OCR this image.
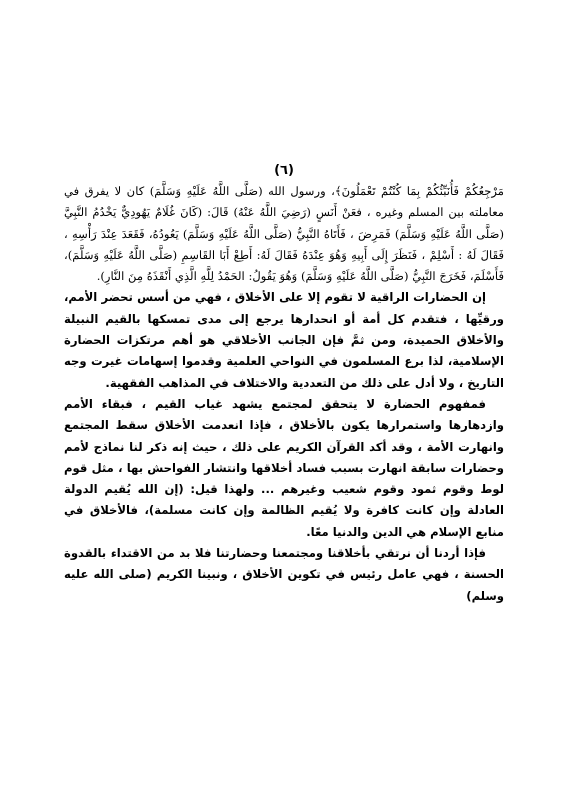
(٦)

مَرْجِعُكُمْ فَأُنَبِّئُكُمْ بِمَا كُنْتُمْ تَعْمَلُونَ﴾، ورسول الله (صَلَّى اللَّهُ عَلَيْهِ وَسَلَّمَ) كان لا يفرق في معاملته بين المسلم وغيره ، فعَنْ أَنَسٍ (رَضِيَ اللَّهُ عَنْهُ) قَالَ: (كَانَ غُلَامٌ يَهُودِيٌّ يَخْدُمُ النَّبِيَّ (صَلَّى اللَّهُ عَلَيْهِ وَسَلَّمَ) فَمَرِضَ ، فَأَتَاهُ النَّبِيُّ (صَلَّى اللَّهُ عَلَيْهِ وَسَلَّمَ) يَعُودُهُ، فَقَعَدَ عِنْدَ رَأْسِهِ ، فَقَالَ لَهُ : أَسْلِمْ ، فَنَظَرَ إِلَى أَبِيهِ وَهُوَ عِنْدَهُ فَقَالَ لَهُ: أَطِعْ أَبَا القَاسِمِ (صَلَّى اللَّهُ عَلَيْهِ وَسَلَّمَ)، فَأَسْلَمَ، فَخَرَجَ النَّبِيُّ (صَلَّى اللَّهُ عَلَيْهِ وَسَلَّمَ) وَهُوَ يَقُولُ: الحَمْدُ لِلَّهِ الَّذِي أَنْقَذَهُ مِنَ النَّارِ).

إن الحضارات الراقية لا تقوم إلا على الأخلاق ، فهي من أسس تحضر الأمم، ورقيِّها ، فتقدم كل أمة أو انحدارها يرجع إلى مدى تمسكها بالقيم النبيلة والأخلاق الحميدة، ومن ثمَّ فإن الجانب الأخلاقي هو أهم مرتكزات الحضارة الإسلامية، لذا برع المسلمون في النواحي العلمية وقدموا إسهامات غيرت وجه التاريخ ، ولا أدل على ذلك من التعددية والاختلاف في المذاهب الفقهية.

فمفهوم الحضارة لا يتحقق لمجتمع يشهد غياب القيم ، فبقاء الأمم وازدهارها واستمرارها يكون بالأخلاق ، فإذا انعدمت الأخلاق سقط المجتمع وانهارت الأمة ، وقد أكد القرآن الكريم على ذلك ، حيث إنه ذكر لنا نماذج لأمم وحضارات سابقة انهارت بسبب فساد أخلاقها وانتشار الفواحش بها ، مثل قوم لوط وقوم ثمود وقوم شعيب وغيرهم ... ولهذا قيل: (إن الله يُقيم الدولة العادلة وإن كانت كافرة ولا يُقيم الظالمة وإن كانت مسلمة)، فالأخلاق في منابع الإسلام هي الدين والدنيا معًا.

فإذا أردنا أن نرتقي بأخلاقنا ومجتمعنا وحضارتنا فلا بد من الاقتداء بالقدوة الحسنة ، فهي عامل رئيس في تكوين الأخلاق ، ونبينا الكريم (صلى الله عليه وسلم)
